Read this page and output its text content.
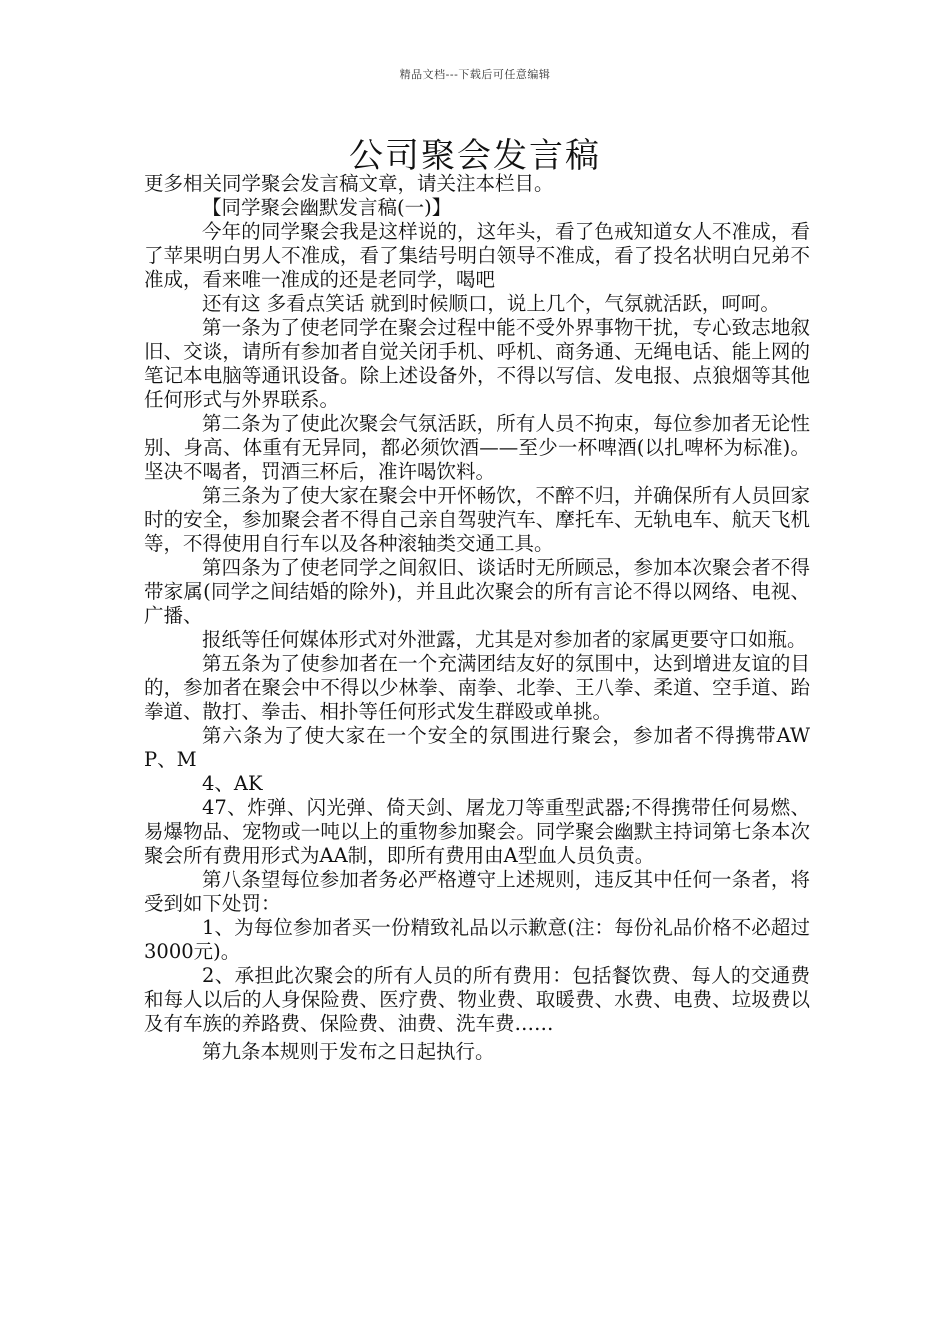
精品文档---下载后可任意编辑
公司聚会发言稿

更多相关同学聚会发言稿文章，请关注本栏目。

【同学聚会幽默发言稿(一)】

今年的同学聚会我是这样说的，这年头，看了色戒知道女人不准成，看了苹果明白男人不准成，看了集结号明白领导不准成，看了投名状明白兄弟不准成，看来唯一准成的还是老同学，喝吧

还有这 多看点笑话 就到时候顺口，说上几个，气氛就活跃，呵呵。

第一条为了使老同学在聚会过程中能不受外界事物干扰，专心致志地叙旧、交谈，请所有参加者自觉关闭手机、呼机、商务通、无绳电话、能上网的笔记本电脑等通讯设备。除上述设备外，不得以写信、发电报、点狼烟等其他任何形式与外界联系。

第二条为了使此次聚会气氛活跃，所有人员不拘束，每位参加者无论性别、身高、体重有无异同，都必须饮酒——至少一杯啤酒(以扎啤杯为标准)。坚决不喝者，罚酒三杯后，准许喝饮料。

第三条为了使大家在聚会中开怀畅饮，不醉不归，并确保所有人员回家时的安全，参加聚会者不得自己亲自驾驶汽车、摩托车、无轨电车、航天飞机等，不得使用自行车以及各种滚轴类交通工具。

第四条为了使老同学之间叙旧、谈话时无所顾忌，参加本次聚会者不得带家属(同学之间结婚的除外)，并且此次聚会的所有言论不得以网络、电视、广播、

报纸等任何媒体形式对外泄露，尤其是对参加者的家属更要守口如瓶。

第五条为了使参加者在一个充满团结友好的氛围中，达到增进友谊的目的，参加者在聚会中不得以少林拳、南拳、北拳、王八拳、柔道、空手道、跆拳道、散打、拳击、相扑等任何形式发生群殴或单挑。

第六条为了使大家在一个安全的氛围进行聚会，参加者不得携带AWP、M

4、AK

47、炸弹、闪光弹、倚天剑、屠龙刀等重型武器;不得携带任何易燃、易爆物品、宠物或一吨以上的重物参加聚会。同学聚会幽默主持词第七条本次聚会所有费用形式为AA制，即所有费用由A型血人员负责。

第八条望每位参加者务必严格遵守上述规则，违反其中任何一条者，将受到如下处罚：

1、为每位参加者买一份精致礼品以示歉意(注：每份礼品价格不必超过3000元)。

2、承担此次聚会的所有人员的所有费用：包括餐饮费、每人的交通费和每人以后的人身保险费、医疗费、物业费、取暖费、水费、电费、垃圾费以及有车族的养路费、保险费、油费、洗车费……

第九条本规则于发布之日起执行。
